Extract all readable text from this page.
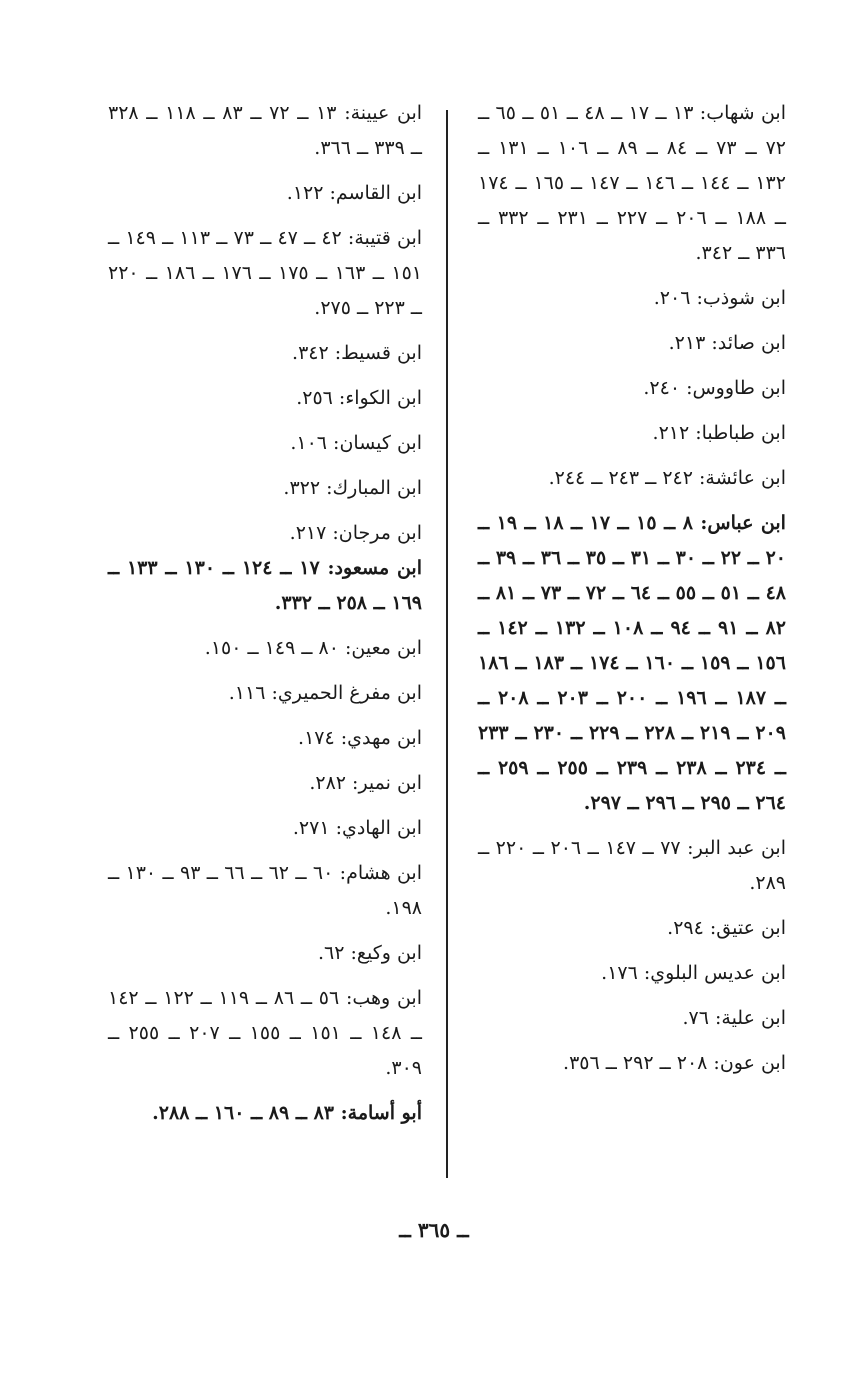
ابن شهاب: ١٣ ــ ١٧ ــ ٤٨ ــ ٥١ ــ ٦٥ ــ ٧٢ ــ ٧٣ ــ ٨٤ ــ ٨٩ ــ ١٠٦ ــ ١٣١ ــ ١٣٢ ــ ١٤٤ ــ ١٤٦ ــ ١٤٧ ــ ١٦٥ ــ ١٧٤ ــ ١٨٨ ــ ٢٠٦ ــ ٢٢٧ ــ ٢٣١ ــ ٣٣٢ ــ ٣٣٦ ــ ٣٤٢.
ابن شوذب: ٢٠٦.
ابن صائد: ٢١٣.
ابن طاووس: ٢٤٠.
ابن طباطبا: ٢١٢.
ابن عائشة: ٢٤٢ ــ ٢٤٣ ــ ٢٤٤.
ابن عباس: ٨ ــ ١٥ ــ ١٧ ــ ١٨ ــ ١٩ ــ ٢٠ ــ ٢٢ ــ ٣٠ ــ ٣١ ــ ٣٥ ــ ٣٦ ــ ٣٩ ــ ٤٨ ــ ٥١ ــ ٥٥ ــ ٦٤ ــ ٧٢ ــ ٧٣ ــ ٨١ ــ ٨٢ ــ ٩١ ــ ٩٤ ــ ١٠٨ ــ ١٣٢ ــ ١٤٢ ــ ١٥٦ ــ ١٥٩ ــ ١٦٠ ــ ١٧٤ ــ ١٨٣ ــ ١٨٦ ــ ١٨٧ ــ ١٩٦ ــ ٢٠٠ ــ ٢٠٣ ــ ٢٠٨ ــ ٢٠٩ ــ ٢١٩ ــ ٢٢٨ ــ ٢٢٩ ــ ٢٣٠ ــ ٢٣٣ ــ ٢٣٤ ــ ٢٣٨ ــ ٢٣٩ ــ ٢٥٥ ــ ٢٥٩ ــ ٢٦٤ ــ ٢٩٥ ــ ٢٩٦ ــ ٢٩٧.
ابن عبد البر: ٧٧ ــ ١٤٧ ــ ٢٠٦ ــ ٢٢٠ ــ ٢٨٩.
ابن عتيق: ٢٩٤.
ابن عديس البلوي: ١٧٦.
ابن علية: ٧٦.
ابن عون: ٢٠٨ ــ ٢٩٢ ــ ٣٥٦.
ابن عيينة: ١٣ ــ ٧٢ ــ ٨٣ ــ ١١٨ ــ ٣٢٨ ــ ٣٣٩ ــ ٣٦٦.
ابن القاسم: ١٢٢.
ابن قتيبة: ٤٢ ــ ٤٧ ــ ٧٣ ــ ١١٣ ــ ١٤٩ ــ ١٥١ ــ ١٦٣ ــ ١٧٥ ــ ١٧٦ ــ ١٨٦ ــ ٢٢٠ ــ ٢٢٣ ــ ٢٧٥.
ابن قسيط: ٣٤٢.
ابن الكواء: ٢٥٦.
ابن كيسان: ١٠٦.
ابن المبارك: ٣٢٢.
ابن مرجان: ٢١٧.
ابن مسعود: ١٧ ــ ١٢٤ ــ ١٣٠ ــ ١٣٣ ــ ١٦٩ ــ ٢٥٨ ــ ٣٣٢.
ابن معين: ٨٠ ــ ١٤٩ ــ ١٥٠.
ابن مفرغ الحميري: ١١٦.
ابن مهدي: ١٧٤.
ابن نمير: ٢٨٢.
ابن الهادي: ٢٧١.
ابن هشام: ٦٠ ــ ٦٢ ــ ٦٦ ــ ٩٣ ــ ١٣٠ ــ ١٩٨.
ابن وكيع: ٦٢.
ابن وهب: ٥٦ ــ ٨٦ ــ ١١٩ ــ ١٢٢ ــ ١٤٢ ــ ١٤٨ ــ ١٥١ ــ ١٥٥ ــ ٢٠٧ ــ ٢٥٥ ــ ٣٠٩.
أبو أسامة: ٨٣ ــ ٨٩ ــ ١٦٠ ــ ٢٨٨.
ــ ٣٦٥ ــ
